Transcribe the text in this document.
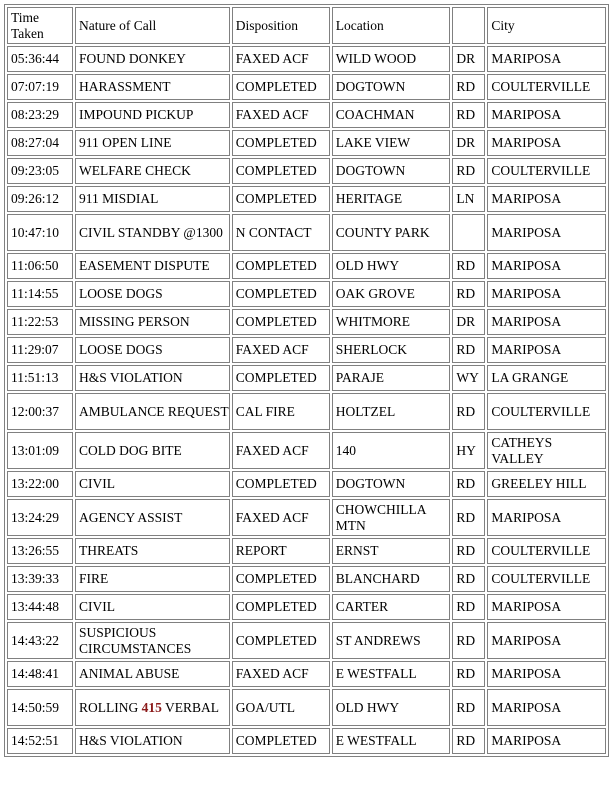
Time
Taken	Nature of Call	Disposition	Location		City
05:36:44	FOUND DONKEY	FAXED ACF	WILD WOOD	DR	MARIPOSA
07:07:19	HARASSMENT	COMPLETED	DOGTOWN	RD	COULTERVILLE
08:23:29	IMPOUND PICKUP	FAXED ACF	COACHMAN	RD	MARIPOSA
08:27:04	911 OPEN LINE	COMPLETED	LAKE VIEW	DR	MARIPOSA
09:23:05	WELFARE CHECK	COMPLETED	DOGTOWN	RD	COULTERVILLE
09:26:12	911 MISDIAL	COMPLETED	HERITAGE	LN	MARIPOSA
10:47:10	CIVIL STANDBY @1300	N CONTACT	COUNTY PARK		MARIPOSA
11:06:50	EASEMENT DISPUTE	COMPLETED	OLD HWY	RD	MARIPOSA
11:14:55	LOOSE DOGS	COMPLETED	OAK GROVE	RD	MARIPOSA
11:22:53	MISSING PERSON	COMPLETED	WHITMORE	DR	MARIPOSA
11:29:07	LOOSE DOGS	FAXED ACF	SHERLOCK	RD	MARIPOSA
11:51:13	H&S VIOLATION	COMPLETED	PARAJE	WY	LA GRANGE
12:00:37	AMBULANCE REQUEST	CAL FIRE	HOLTZEL	RD	COULTERVILLE
13:01:09	COLD DOG BITE	FAXED ACF	140	HY	CATHEYS VALLEY
13:22:00	CIVIL	COMPLETED	DOGTOWN	RD	GREELEY HILL
13:24:29	AGENCY ASSIST	FAXED ACF	CHOWCHILLA MTN	RD	MARIPOSA
13:26:55	THREATS	REPORT	ERNST	RD	COULTERVILLE
13:39:33	FIRE	COMPLETED	BLANCHARD	RD	COULTERVILLE
13:44:48	CIVIL	COMPLETED	CARTER	RD	MARIPOSA
14:43:22	SUSPICIOUS CIRCUMSTANCES	COMPLETED	ST ANDREWS	RD	MARIPOSA
14:48:41	ANIMAL ABUSE	FAXED ACF	E WESTFALL	RD	MARIPOSA
14:50:59	ROLLING 415 VERBAL	GOA/UTL	OLD HWY	RD	MARIPOSA
14:52:51	H&S VIOLATION	COMPLETED	E WESTFALL	RD	MARIPOSA
